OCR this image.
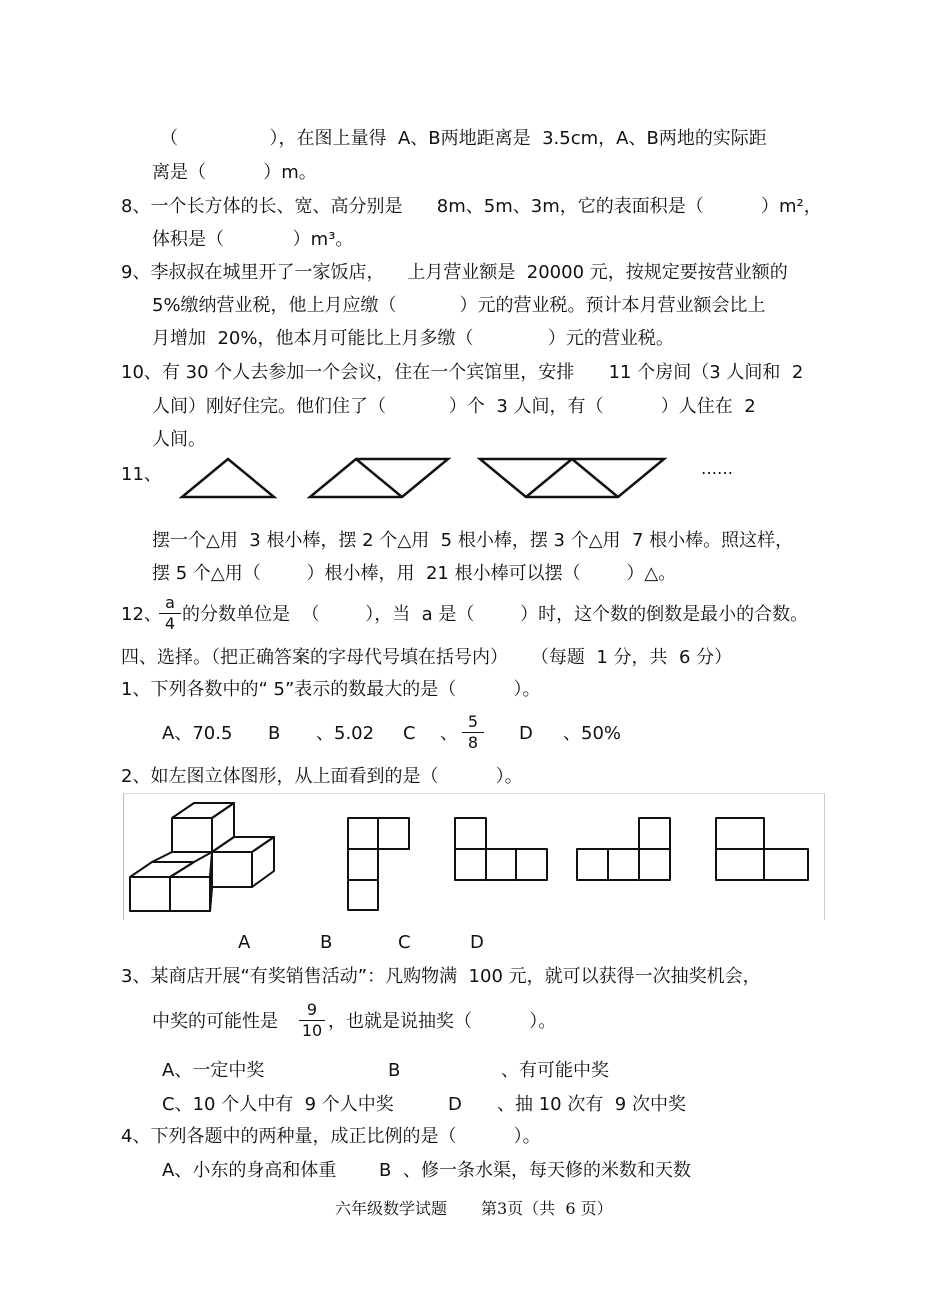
（                ），在图上量得  A、B两地距离是  3.5cm，A、B两地的实际距
离是（          ）m。
8、一个长方体的长、宽、高分别是      8m、5m、3m，它的表面积是（          ）m²，
体积是（            ）m³。
9、李叔叔在城里开了一家饭店，    上月营业额是  20000 元，按规定要按营业额的
5%缴纳营业税，他上月应缴（           ）元的营业税。预计本月营业额会比上
月增加  20%，他本月可能比上月多缴（             ）元的营业税。
10、有 30 个人去参加一个会议，住在一个宾馆里，安排      11 个房间（3 人间和  2
人间）刚好住完。他们住了（           ）个  3 人间，有（          ）人住在  2
人间。
11、	……
摆一个△用  3 根小棒，摆 2 个△用  5 根小棒，摆 3 个△用  7 根小棒。照这样，
摆 5 个△用（        ）根小棒，用  21 根小棒可以摆（        ）△。
12、
a
4 的分数单位是  （        ），当  a 是（        ）时，这个数的倒数是最小的合数。
四、选择。（把正确答案的字母代号填在括号内）    （每题  1 分，共  6 分）
1、下列各数中的“ 5”表示的数最大的是（          ）。
A、70.5 B 、5.02 C 、
5
8	D 、50%
2、如左图立体图形，从上面看到的是（          ）。
A	B	C	D
3、某商店开展“有奖销售活动”：凡购物满  100 元，就可以获得一次抽奖机会，
中奖的可能性是
9
10 ，也就是说抽奖（          ）。
A、一定中奖	B	、有可能中奖
C、10 个人中有  9 个人中奖	D 、抽 10 次有  9 次中奖
4、下列各题中的两种量，成正比例的是（          ）。
A、小东的身高和体重 B 、修一条水渠，每天修的米数和天数
六年级数学试题 第3页（共  6 页）
